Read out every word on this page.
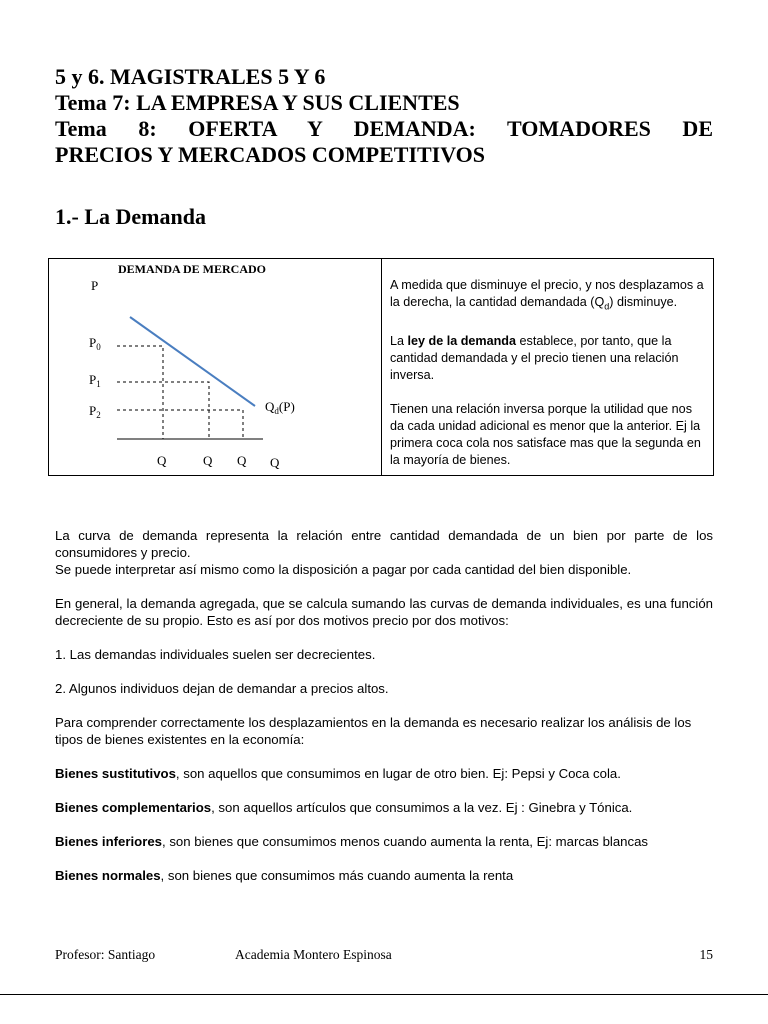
5 y 6. MAGISTRALES 5 Y 6
Tema 7: LA EMPRESA Y SUS CLIENTES
Tema 8: OFERTA Y DEMANDA: TOMADORES DE
PRECIOS Y MERCADOS COMPETITIVOS
1.- La Demanda
DEMANDA DE MERCADO
P
$P_0$
$P_1$
$P_2$
$Q_d(P)$
Q	Q Q Q

A medida que disminuye el precio, y nos desplazamos a la derecha, la cantidad demandada $(Q_d)$ disminuye.

La ley de la demanda establece, por tanto, que la cantidad demandada y el precio tienen una relación inversa.

Tienen una relación inversa porque la utilidad que nos da cada unidad adicional es menor que la anterior. Ej la primera coca cola nos satisface mas que la segunda en la mayoría de bienes.

La curva de demanda representa la relación entre cantidad demandada de un bien por parte de los consumidores y precio.
Se puede interpretar así mismo como la disposición a pagar por cada cantidad del bien disponible.

En general, la demanda agregada, que se calcula sumando las curvas de demanda individuales, es una función decreciente de su propio. Esto es así por dos motivos precio por dos motivos:

1. Las demandas individuales suelen ser decrecientes.

2. Algunos individuos dejan de demandar a precios altos.

Para comprender correctamente los desplazamientos en la demanda es necesario realizar los análisis de los tipos de bienes existentes en la economía:

Bienes sustitutivos, son aquellos que consumimos en lugar de otro bien. Ej: Pepsi y Coca cola.

Bienes complementarios, son aquellos artículos que consumimos a la vez. Ej : Ginebra y Tónica.

Bienes inferiores, son bienes que consumimos menos cuando aumenta la renta, Ej: marcas blancas

Bienes normales, son bienes que consumimos más cuando aumenta la renta

Profesor: Santiago	Academia Montero Espinosa	15
